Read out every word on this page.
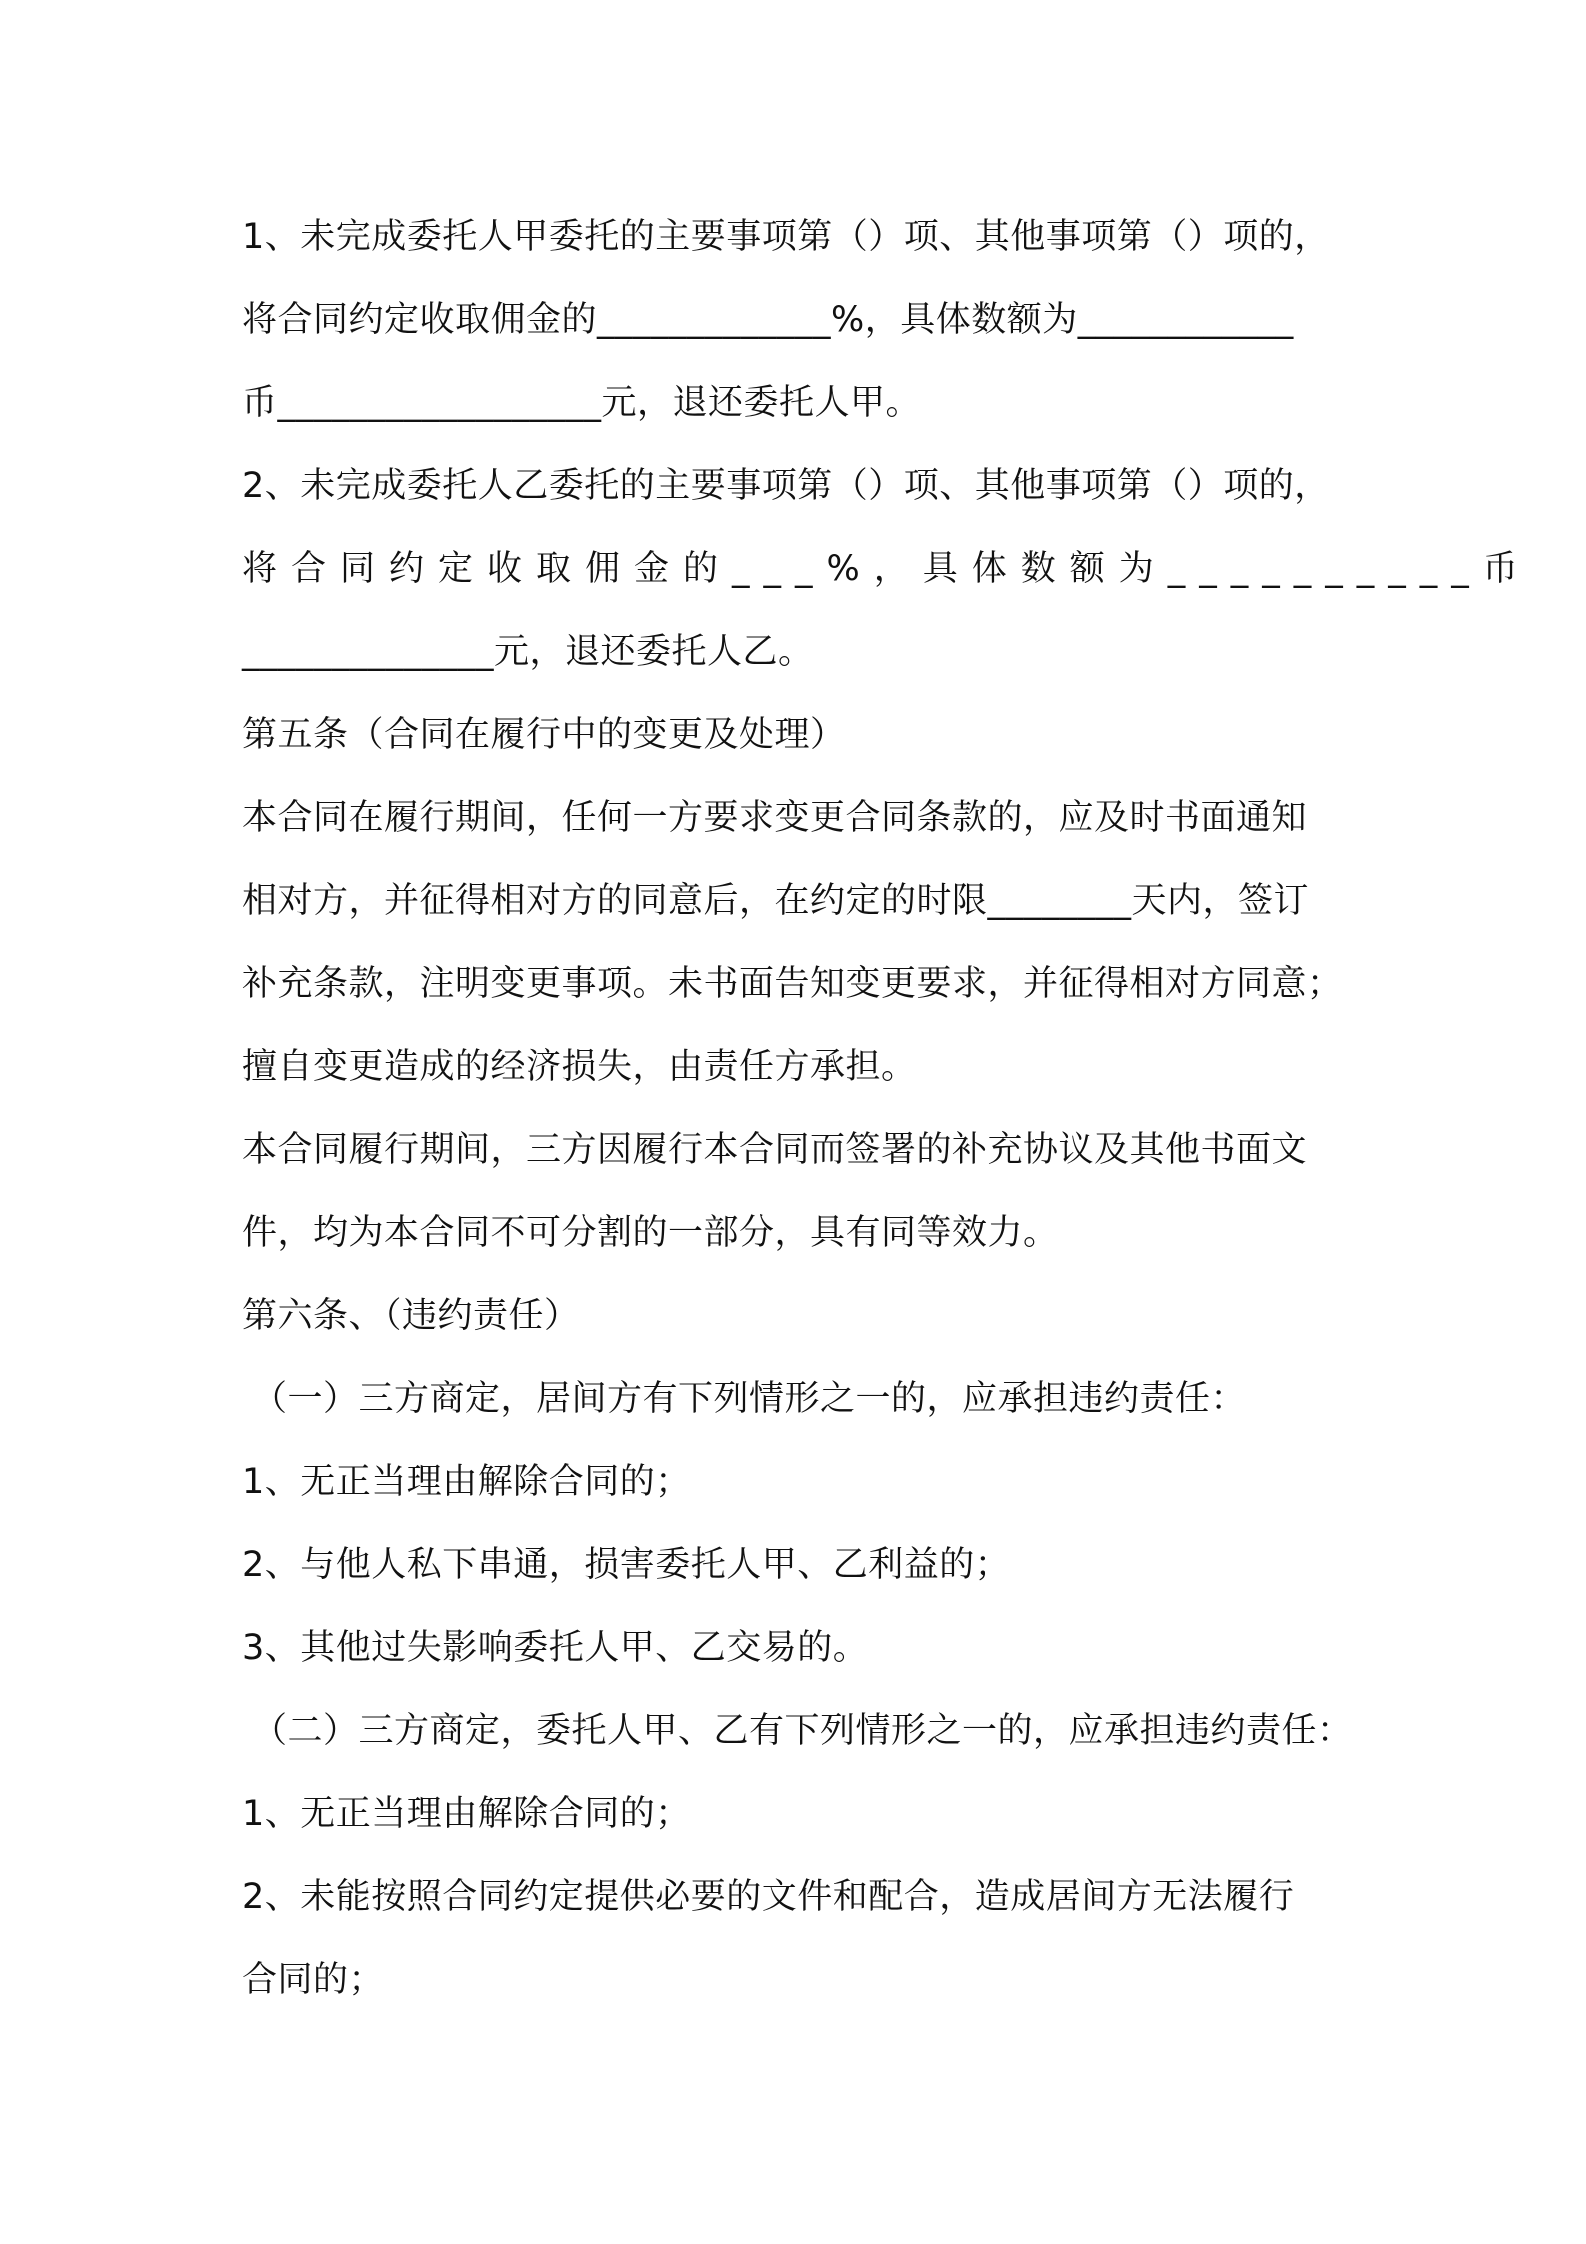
1、未完成委托人甲委托的主要事项第（）项、其他事项第（）项的，
将合同约定收取佣金的_____________%，具体数额为____________
币__________________元，退还委托人甲。
2、未完成委托人乙委托的主要事项第（）项、其他事项第（）项的，
将合同约定收取佣金的___%，具体数额为__________币
______________元，退还委托人乙。
第五条（合同在履行中的变更及处理）
本合同在履行期间，任何一方要求变更合同条款的，应及时书面通知
相对方，并征得相对方的同意后，在约定的时限________天内，签订
补充条款，注明变更事项。未书面告知变更要求，并征得相对方同意；
擅自变更造成的经济损失，由责任方承担。
本合同履行期间，三方因履行本合同而签署的补充协议及其他书面文
件，均为本合同不可分割的一部分，具有同等效力。
第六条、（违约责任）
（一）三方商定，居间方有下列情形之一的，应承担违约责任：
1、无正当理由解除合同的；
2、与他人私下串通，损害委托人甲、乙利益的；
3、其他过失影响委托人甲、乙交易的。
（二）三方商定，委托人甲、乙有下列情形之一的，应承担违约责任：
1、无正当理由解除合同的；
2、未能按照合同约定提供必要的文件和配合，造成居间方无法履行
合同的；
